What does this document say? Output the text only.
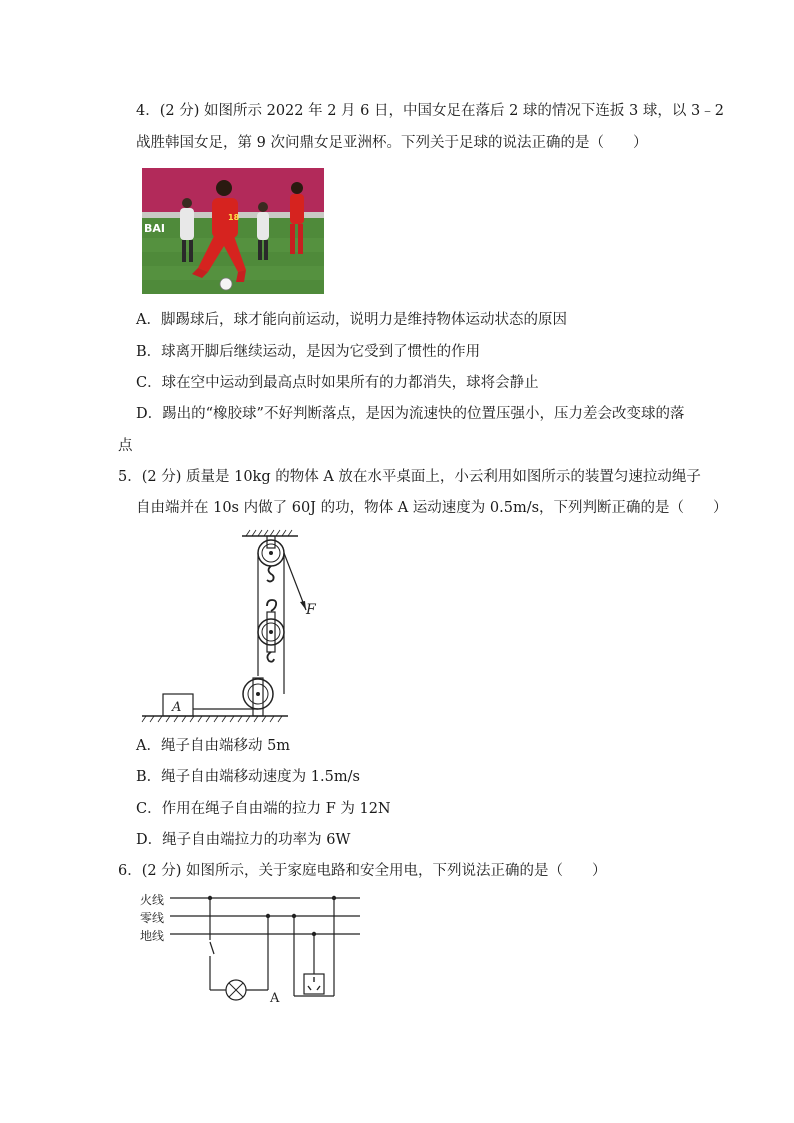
4．(2 分) 如图所示 2022 年 2 月 6 日，中国女足在落后 2 球的情况下连扳 3 球，以 3﹣2
战胜韩国女足，第 9 次问鼎女足亚洲杯。下列关于足球的说法正确的是（　　）
BAI
18
A．脚踢球后，球才能向前运动，说明力是维持物体运动状态的原因
B．球离开脚后继续运动，是因为它受到了惯性的作用
C．球在空中运动到最高点时如果所有的力都消失，球将会静止
D．踢出的“橡胶球”不好判断落点，是因为流速快的位置压强小，压力差会改变球的落
点
5．(2 分) 质量是 10kg 的物体 A 放在水平桌面上，小云利用如图所示的装置匀速拉动绳子
自由端并在 10s 内做了 60J 的功，物体 A 运动速度为 0.5m/s，下列判断正确的是（　　）
F
A
A．绳子自由端移动 5m
B．绳子自由端移动速度为 1.5m/s
C．作用在绳子自由端的拉力 F 为 12N
D．绳子自由端拉力的功率为 6W
6．(2 分) 如图所示，关于家庭电路和安全用电，下列说法正确的是（　　）
火线
零线
地线
A
